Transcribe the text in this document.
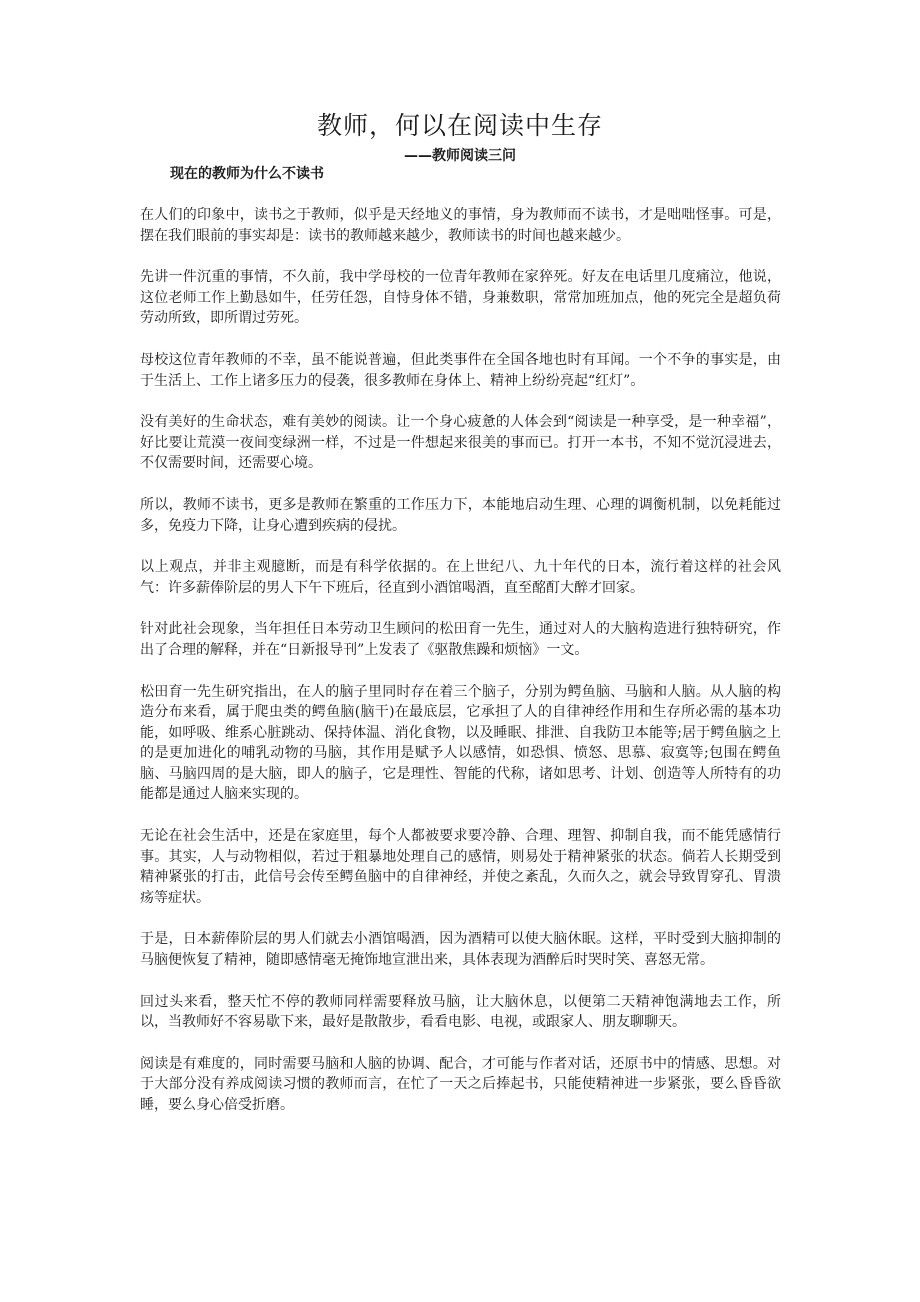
教师，何以在阅读中生存
——教师阅读三问
现在的教师为什么不读书

在人们的印象中，读书之于教师，似乎是天经地义的事情，身为教师而不读书，才是咄咄怪事。可是，摆在我们眼前的事实却是：读书的教师越来越少，教师读书的时间也越来越少。

先讲一件沉重的事情，不久前，我中学母校的一位青年教师在家猝死。好友在电话里几度痛泣，他说，这位老师工作上勤恳如牛，任劳任怨，自恃身体不错，身兼数职，常常加班加点，他的死完全是超负荷劳动所致，即所谓过劳死。

母校这位青年教师的不幸，虽不能说普遍，但此类事件在全国各地也时有耳闻。一个不争的事实是，由于生活上、工作上诸多压力的侵袭，很多教师在身体上、精神上纷纷亮起“红灯”。

没有美好的生命状态，难有美妙的阅读。让一个身心疲惫的人体会到“阅读是一种享受，是一种幸福”，好比要让荒漠一夜间变绿洲一样，不过是一件想起来很美的事而已。打开一本书，不知不觉沉浸进去，不仅需要时间，还需要心境。

所以，教师不读书，更多是教师在繁重的工作压力下，本能地启动生理、心理的调衡机制，以免耗能过多，免疫力下降，让身心遭到疾病的侵扰。

以上观点，并非主观臆断，而是有科学依据的。在上世纪八、九十年代的日本，流行着这样的社会风气：许多薪俸阶层的男人下午下班后，径直到小酒馆喝酒，直至酩酊大醉才回家。

针对此社会现象，当年担任日本劳动卫生顾问的松田育一先生，通过对人的大脑构造进行独特研究，作出了合理的解释，并在“日新报导刊”上发表了《驱散焦躁和烦恼》一文。

松田育一先生研究指出，在人的脑子里同时存在着三个脑子，分别为鳄鱼脑、马脑和人脑。从人脑的构造分布来看，属于爬虫类的鳄鱼脑(脑干)在最底层，它承担了人的自律神经作用和生存所必需的基本功能，如呼吸、维系心脏跳动、保持体温、消化食物，以及睡眠、排泄、自我防卫本能等;居于鳄鱼脑之上的是更加进化的哺乳动物的马脑，其作用是赋予人以感情，如恐惧、愤怒、思慕、寂寞等;包围在鳄鱼脑、马脑四周的是大脑，即人的脑子，它是理性、智能的代称，诸如思考、计划、创造等人所特有的功能都是通过人脑来实现的。

无论在社会生活中，还是在家庭里，每个人都被要求要冷静、合理、理智、抑制自我，而不能凭感情行事。其实，人与动物相似，若过于粗暴地处理自己的感情，则易处于精神紧张的状态。倘若人长期受到精神紧张的打击，此信号会传至鳄鱼脑中的自律神经，并使之紊乱，久而久之，就会导致胃穿孔、胃溃疡等症状。

于是，日本薪俸阶层的男人们就去小酒馆喝酒，因为酒精可以使大脑休眠。这样，平时受到大脑抑制的马脑便恢复了精神，随即感情毫无掩饰地宣泄出来，具体表现为酒醉后时哭时笑、喜怒无常。

回过头来看，整天忙不停的教师同样需要释放马脑，让大脑休息，以便第二天精神饱满地去工作，所以，当教师好不容易歇下来，最好是散散步，看看电影、电视，或跟家人、朋友聊聊天。

阅读是有难度的，同时需要马脑和人脑的协调、配合，才可能与作者对话，还原书中的情感、思想。对于大部分没有养成阅读习惯的教师而言，在忙了一天之后捧起书，只能使精神进一步紧张，要么昏昏欲睡，要么身心倍受折磨。
